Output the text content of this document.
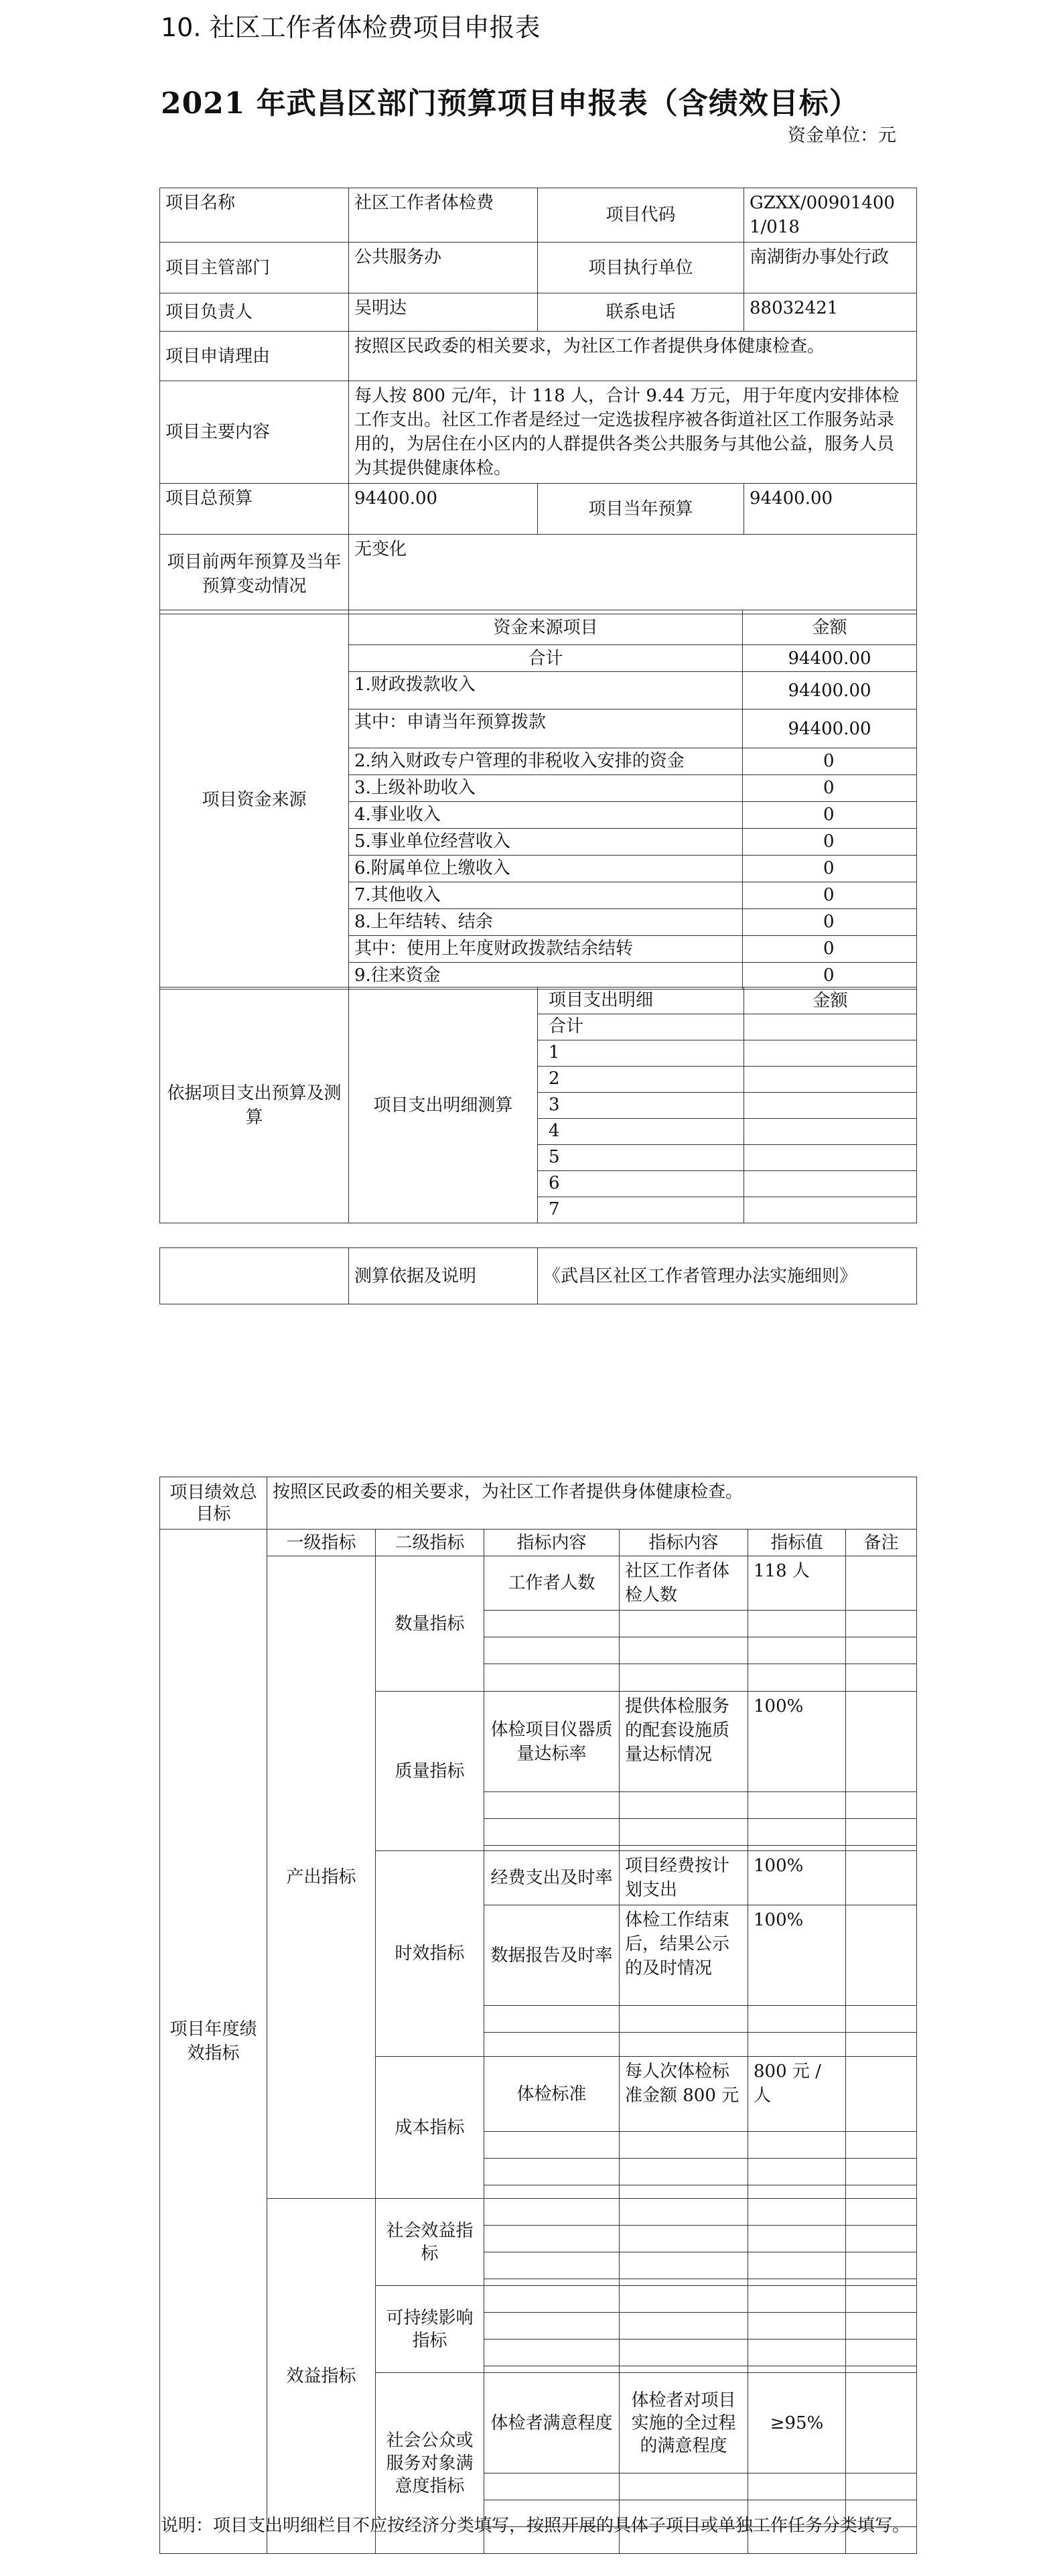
10. 社区工作者体检费项目申报表
2021 年武昌区部门预算项目申报表（含绩效目标）
资金单位：元
项目名称	社区工作者体检费	项目代码	GZXX/009014001/018
项目主管部门	公共服务办	项目执行单位	南湖街办事处行政
项目负责人	吴明达	联系电话	88032421
项目申请理由	按照区民政委的相关要求，为社区工作者提供身体健康检查。		
项目主要内容	每人按 800 元/年，计 118 人，合计 9.44 万元，用于年度内安排体检工作支出。社区工作者是经过一定选拔程序被各街道社区工作服务站录用的，为居住在小区内的人群提供各类公共服务与其他公益，服务人员为其提供健康体检。		
项目总预算	94400.00	项目当年预算	94400.00
项目前两年预算及当年预算变动情况	无变化		
项目资金来源	资金来源项目	金额
	合计	94400.00
	1.财政拨款收入	94400.00
	其中：申请当年预算拨款	94400.00
	2.纳入财政专户管理的非税收入安排的资金	0
	3.上级补助收入	0
	4.事业收入	0
	5.事业单位经营收入	0
	6.附属单位上缴收入	0
	7.其他收入	0
	8.上年结转、结余	0
	其中：使用上年度财政拨款结余结转	0
	9.往来资金	0
依据项目支出预算及测算	项目支出明细测算	项目支出明细	金额
		合计	
		1	
		2	
		3	
		4	
		5	
		6	
		7	
	测算依据及说明	《武昌区社区工作者管理办法实施细则》
项目绩效总目标	按照区民政委的相关要求，为社区工作者提供身体健康检查。					
项目年度绩效指标	一级指标	二级指标	指标内容	指标内容	指标值	备注
	产出指标	数量指标	工作者人数	社区工作者体检人数	118 人	

		质量指标	体检项目仪器质量达标率	提供体检服务的配套设施质量达标情况	100%	

		时效指标	经费支出及时率	项目经费按计划支出	100%	
			数据报告及时率	体检工作结束后，结果公示的及时情况	100%	

		成本指标	体检标准	每人次体检标准金额 800 元	800 元 / 人	

	效益指标	社会效益指标				

		可持续影响指标				

		社会公众或服务对象满意度指标	体检者满意程度	体检者对项目实施的全过程的满意程度	≥95%	

说明：项目支出明细栏目不应按经济分类填写，按照开展的具体子项目或单独工作任务分类填写。
